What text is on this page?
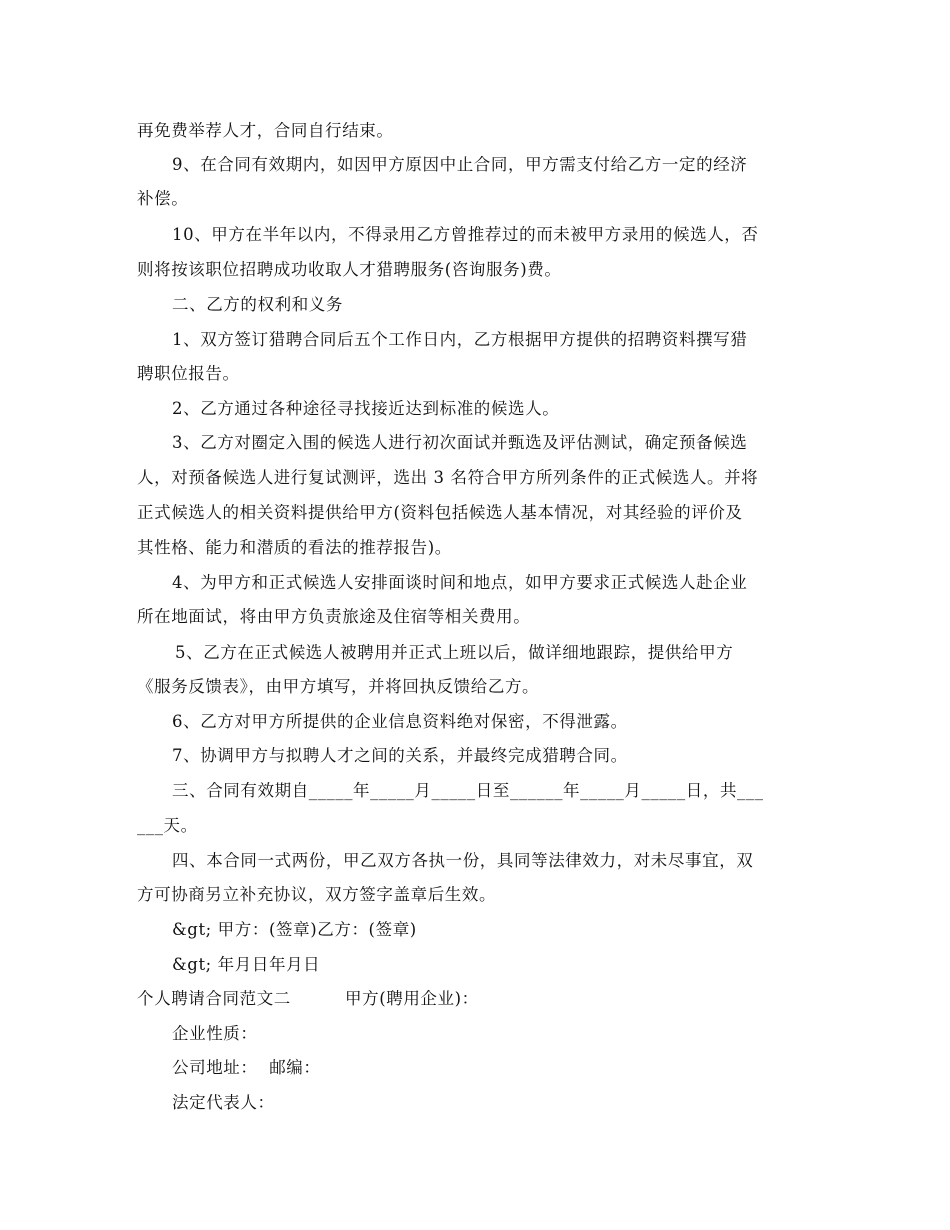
再免费举荐人才，合同自行结束。
9、在合同有效期内，如因甲方原因中止合同，甲方需支付给乙方一定的经济
补偿。
10、甲方在半年以内，不得录用乙方曾推荐过的而未被甲方录用的候选人，否
则将按该职位招聘成功收取人才猎聘服务(咨询服务)费。
二、乙方的权利和义务
1、双方签订猎聘合同后五个工作日内，乙方根据甲方提供的招聘资料撰写猎
聘职位报告。
2、乙方通过各种途径寻找接近达到标准的候选人。
3、乙方对圈定入围的候选人进行初次面试并甄选及评估测试，确定预备候选
人，对预备候选人进行复试测评，选出 3 名符合甲方所列条件的正式候选人。并将
正式候选人的相关资料提供给甲方(资料包括候选人基本情况，对其经验的评价及
其性格、能力和潜质的看法的推荐报告)。
4、为甲方和正式候选人安排面谈时间和地点，如甲方要求正式候选人赴企业
所在地面试，将由甲方负责旅途及住宿等相关费用。
5、乙方在正式候选人被聘用并正式上班以后，做详细地跟踪，提供给甲方
《服务反馈表》，由甲方填写，并将回执反馈给乙方。
6、乙方对甲方所提供的企业信息资料绝对保密，不得泄露。
7、协调甲方与拟聘人才之间的关系，并最终完成猎聘合同。
三、合同有效期自_____年_____月_____日至______年_____月_____日，共___
___天。
四、本合同一式两份，甲乙双方各执一份，具同等法律效力，对未尽事宜，双
方可协商另立补充协议，双方签字盖章后生效。
&gt; 甲方：(签章)乙方：(签章)
&gt; 年月日年月日
个人聘请合同范文二	甲方(聘用企业)：
企业性质：
公司地址：  邮编：
法定代表人：
